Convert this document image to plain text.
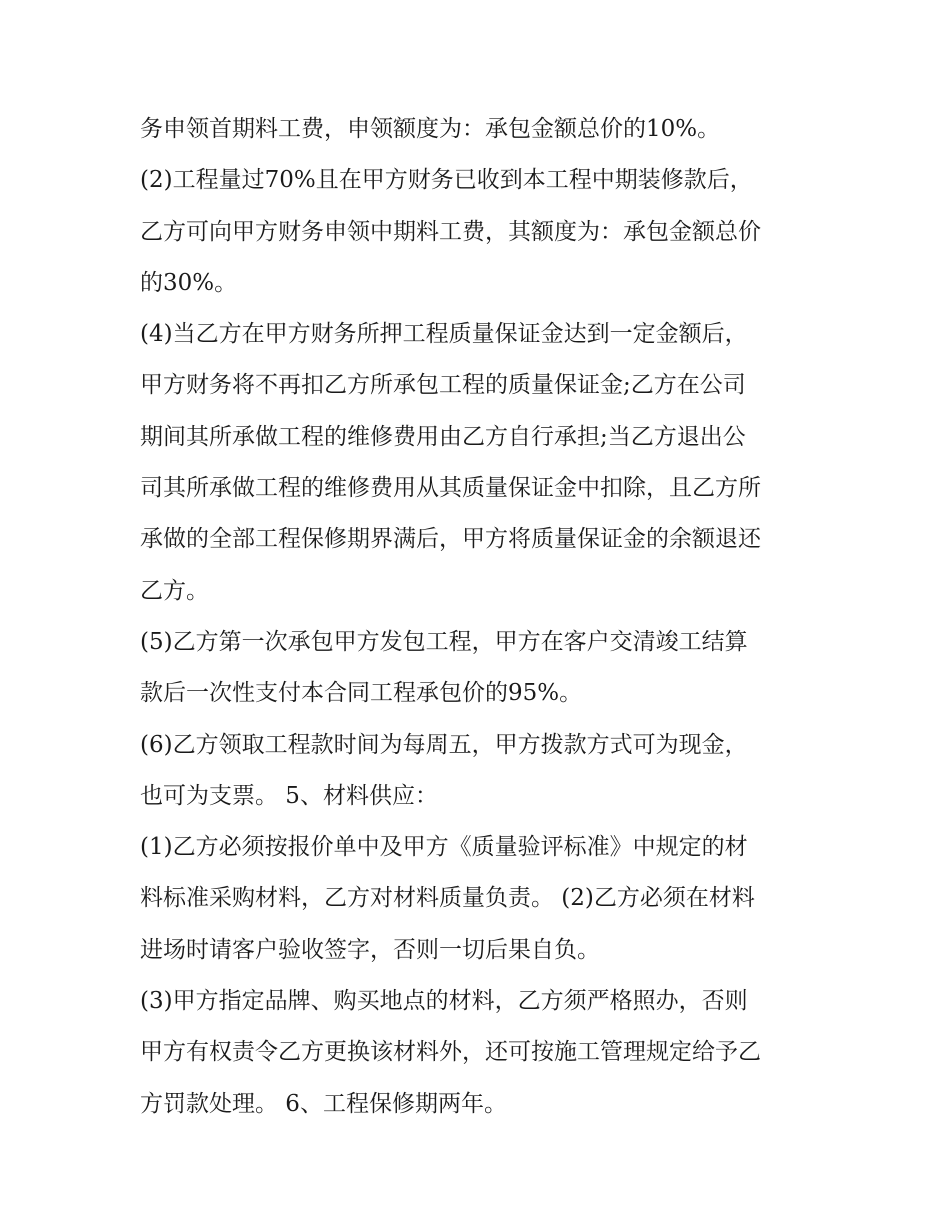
务申领首期料工费，申领额度为：承包金额总价的10%。
(2)工程量过70%且在甲方财务已收到本工程中期装修款后，
乙方可向甲方财务申领中期料工费，其额度为：承包金额总价
的30%。
(4)当乙方在甲方财务所押工程质量保证金达到一定金额后，
甲方财务将不再扣乙方所承包工程的质量保证金;乙方在公司
期间其所承做工程的维修费用由乙方自行承担;当乙方退出公
司其所承做工程的维修费用从其质量保证金中扣除，且乙方所
承做的全部工程保修期界满后，甲方将质量保证金的余额退还
乙方。
(5)乙方第一次承包甲方发包工程，甲方在客户交清竣工结算
款后一次性支付本合同工程承包价的95%。
(6)乙方领取工程款时间为每周五，甲方拨款方式可为现金，
也可为支票。 5、材料供应：
(1)乙方必须按报价单中及甲方《质量验评标准》中规定的材
料标准采购材料，乙方对材料质量负责。 (2)乙方必须在材料
进场时请客户验收签字，否则一切后果自负。
(3)甲方指定品牌、购买地点的材料，乙方须严格照办，否则
甲方有权责令乙方更换该材料外，还可按施工管理规定给予乙
方罚款处理。 6、工程保修期两年。
